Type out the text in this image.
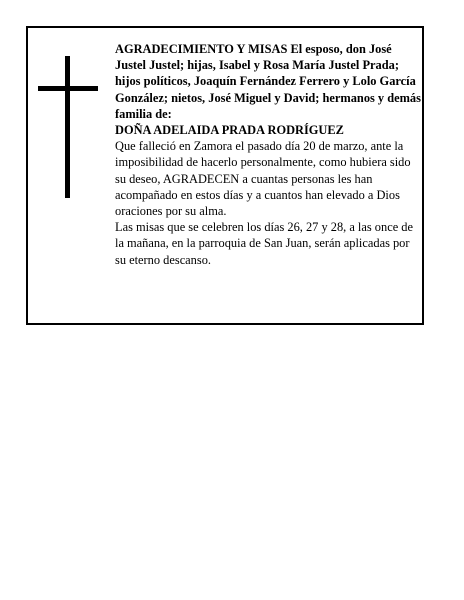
AGRADECIMIENTO Y MISAS El esposo, don José Justel Justel; hijas, Isabel y Rosa María Justel Prada; hijos políticos, Joaquín Fernández Ferrero y Lolo García González; nietos, José Miguel y David; hermanos y demás familia de:

DOÑA ADELAIDA PRADA RODRÍGUEZ

Que falleció en Zamora el pasado día 20 de marzo, ante la imposibilidad de hacerlo personalmente, como hubiera sido su deseo, AGRADECEN a cuantas personas les han acompañado en estos días y a cuantos han elevado a Dios oraciones por su alma.

Las misas que se celebren los días 26, 27 y 28, a las once de la mañana, en la parroquia de San Juan, serán aplicadas por su eterno descanso.
